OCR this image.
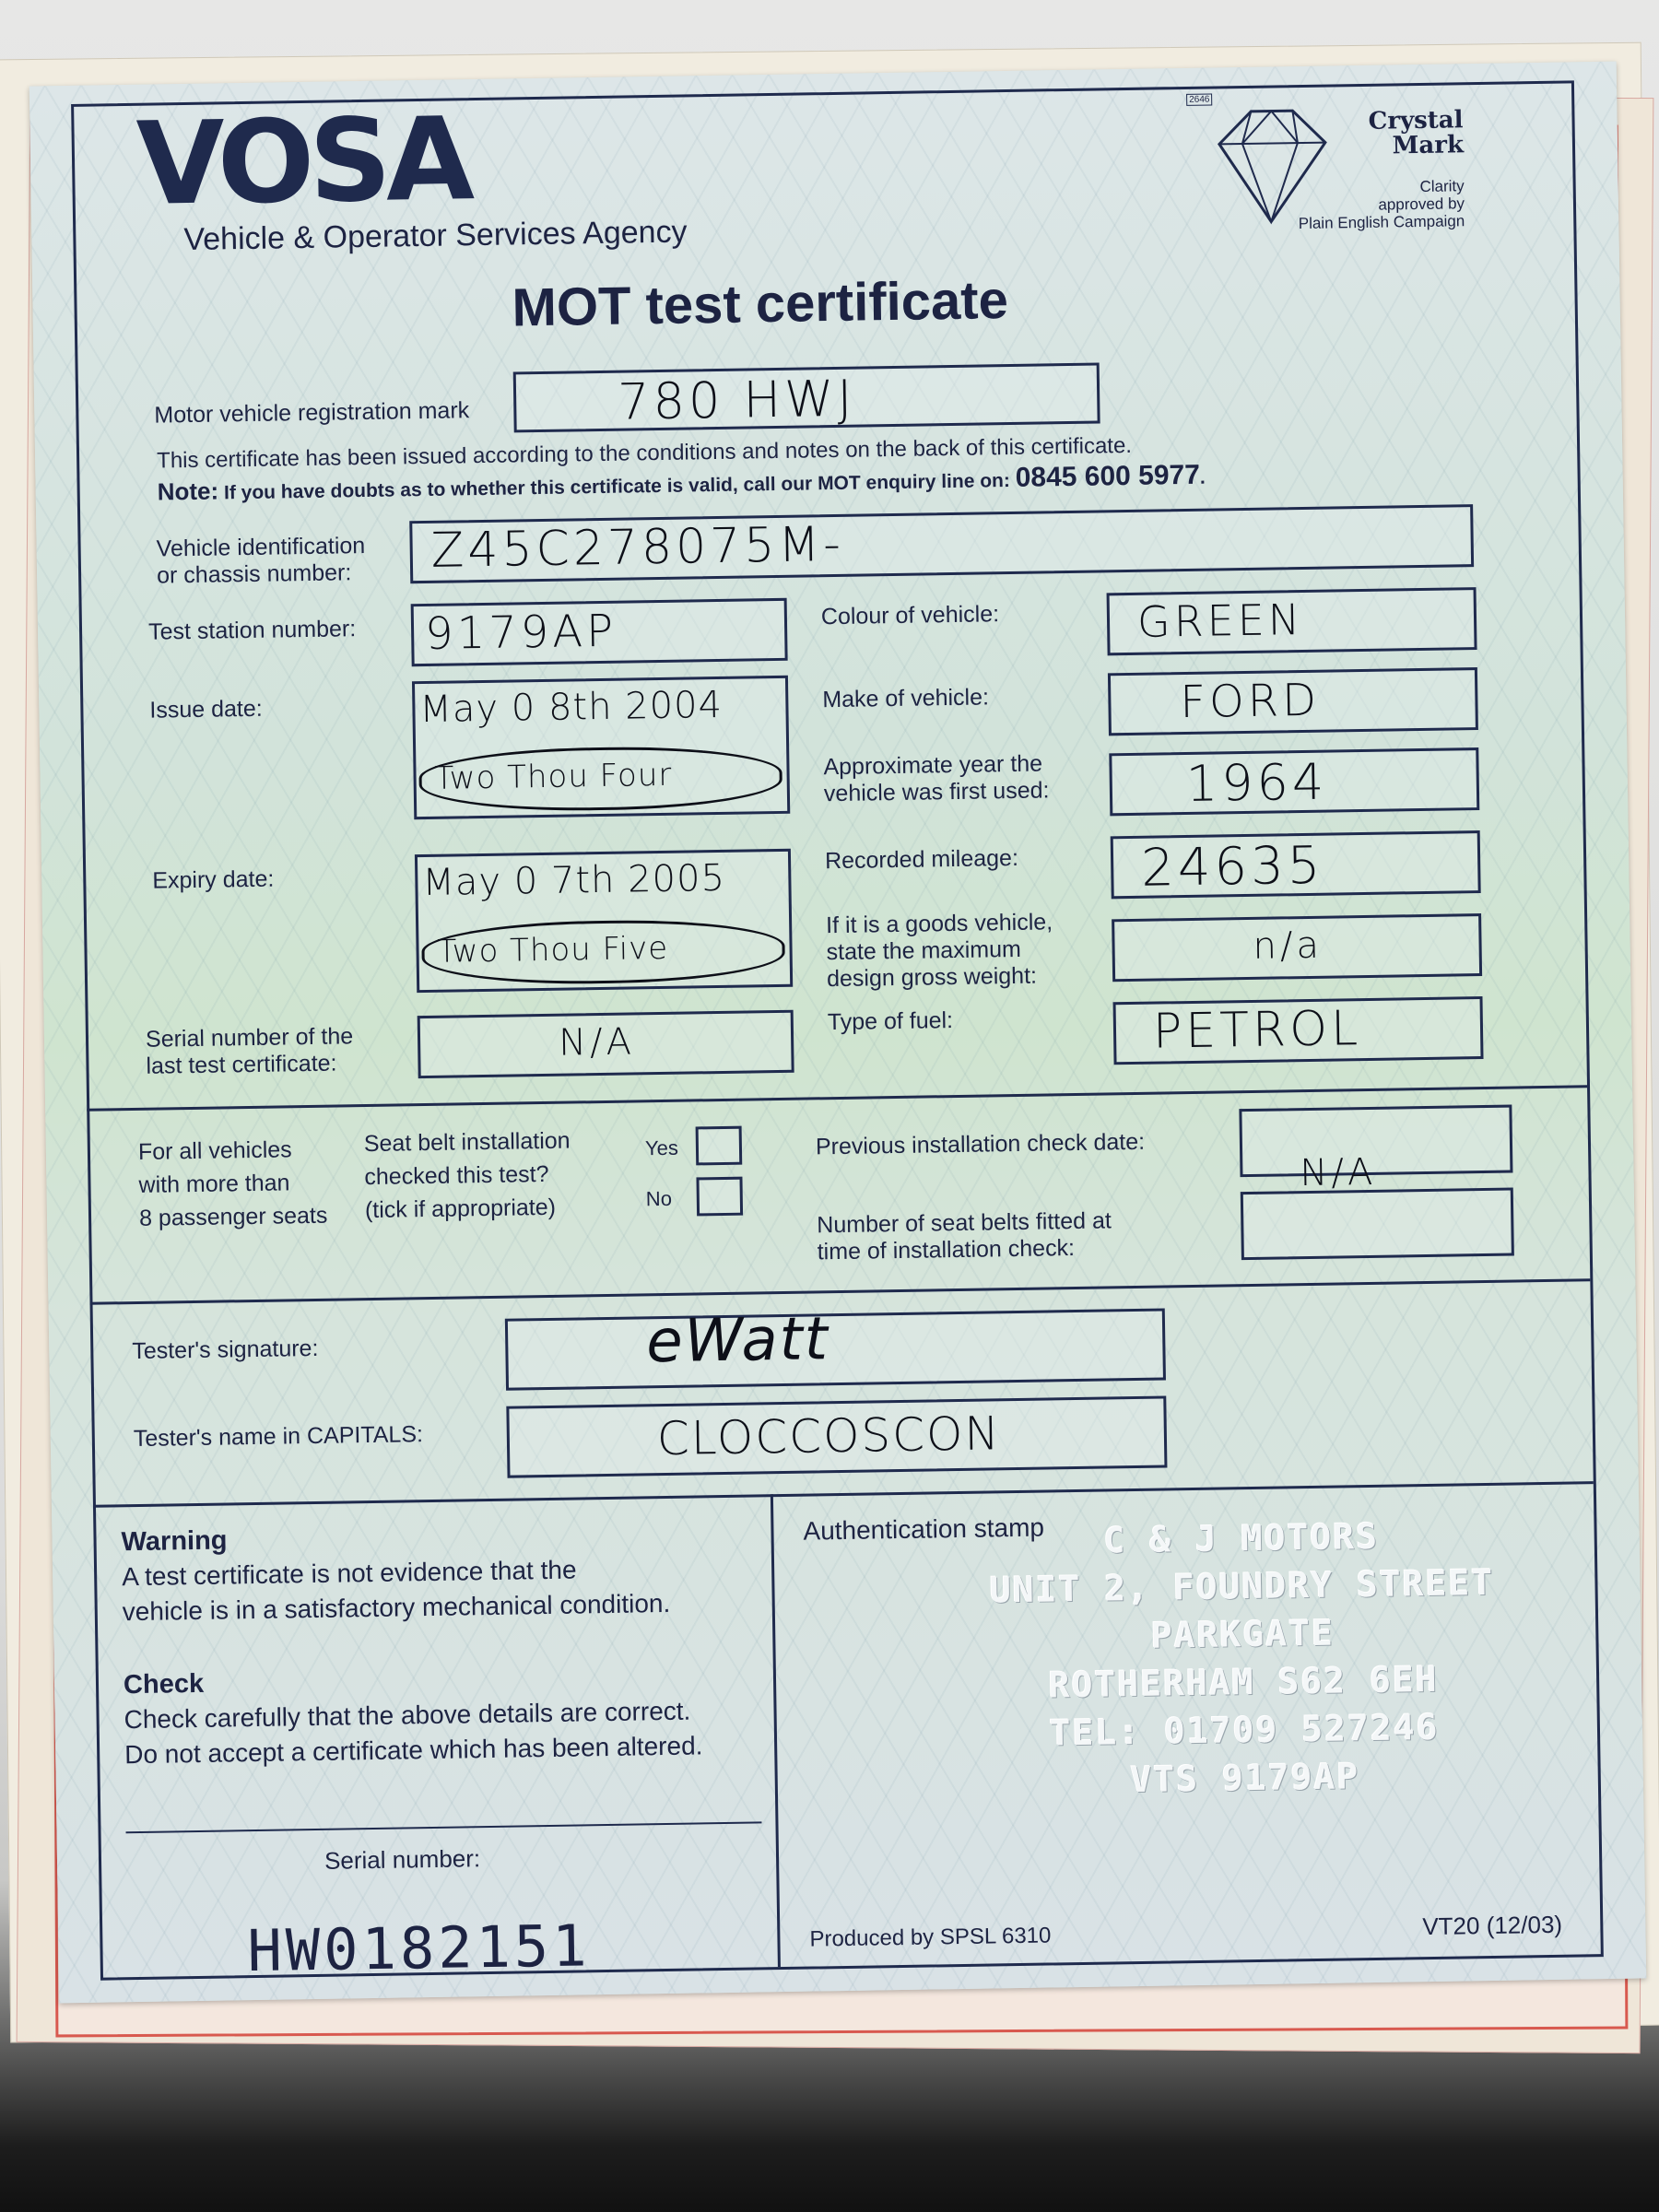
VOSA
Vehicle & Operator Services Agency
MOT test certificate
2646
Crystal
Mark
Clarity
approved by
Plain English Campaign
Motor vehicle registration mark	780 HWJ
This certificate has been issued according to the conditions and notes on the back of this certificate.
Note: If you have doubts as to whether this certificate is valid, call our MOT enquiry line on: 0845 600 5977.
Vehicle identification
or chassis number: Z45C278075M-
Test station number: 9179AP
Issue date:	May 0 8th 2004
Two Thou Four
Expiry date:	May 0 7th 2005
Two Thou Five
Serial number of the
last test certificate:
N/A
Colour of vehicle:	GREEN
Make of vehicle:	FORD
Approximate year the
vehicle was first used:	1964
Recorded mileage: 24635
If it is a goods vehicle,
state the maximum
design gross weight:
n/a
Type of fuel:	PETROL
For all vehicles
with more than
8 passenger seats
Seat belt installation
checked this test?
(tick if appropriate)
Yes
No
Previous installation check date:
N/A
Number of seat belts fitted at
time of installation check:
Tester's signature:	eWatt
Tester's name in CAPITALS:	CLOCCOSCON
Warning
A test certificate is not evidence that the
vehicle is in a satisfactory mechanical condition.
Check
Check carefully that the above details are correct.
Do not accept a certificate which has been altered.
Serial number:
HW0182151
Authentication stamp	C & J MOTORS
UNIT 2, FOUNDRY STREET
PARKGATE
ROTHERHAM S62 6EH
TEL: 01709 527246
VTS 9179AP
Produced by SPSL 6310	VT20 (12/03)
